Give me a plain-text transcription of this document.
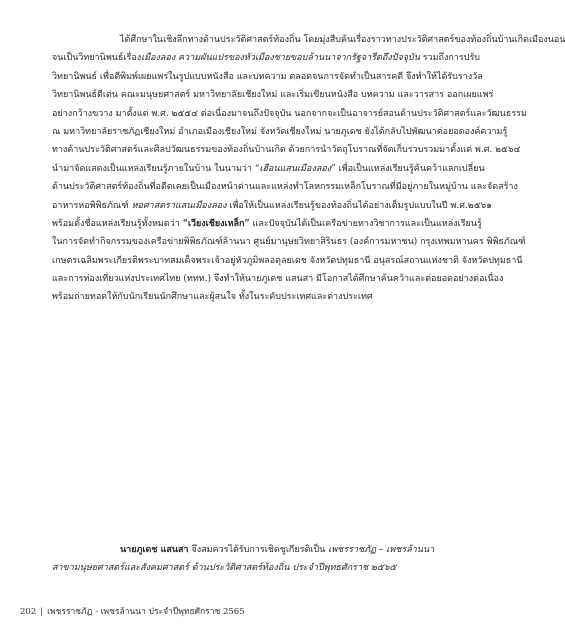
ได้ศึกษาในเชิงลึกทางด้านประวัติศาสตร์ท้องถิ่น โดยมุ่งสืบค้นเรื่องราวทางประวัติศาสตร์ของท้องถิ่นบ้านเกิดเมืองนอน
จนเป็นวิทยานิพนธ์เรื่องเมืองลอง ความผันแปรของหัวเมืองชายขอบล้านนาจากรัฐจารีตถึงปัจจุบัน รวมถึงการปรับ
วิทยานิพนธ์ เพื่อตีพิมพ์เผยแพร่ในรูปแบบหนังสือ และบทความ ตลอดจนการจัดทำเป็นสารคดี จึงทำให้ได้รับรางวัล
วิทยานิพนธ์ดีเด่น คณะมนุษยศาสตร์ มหาวิทยาลัยเชียงใหม่ และเริ่มเขียนหนังสือ บทความ และวารสาร ออกเผยแพร่
อย่างกว้างขวาง มาตั้งแต่ พ.ศ. ๒๕๕๔ ต่อเนื่องมาจนถึงปัจจุบัน นอกจากจะเป็นอาจารย์สอนด้านประวัติศาสตร์และวัฒนธรรม
ณ มหาวิทยาลัยราชภัฏเชียงใหม่ อำเภอเมืองเชียงใหม่ จังหวัดเชียงใหม่ นายภูเดช ยังได้กลับไปพัฒนาต่อยอดองค์ความรู้
ทางด้านประวัติศาสตร์และศิลปวัฒนธรรมของท้องถิ่นบ้านเกิด ด้วยการนำวัตถุโบราณที่จัดเก็บรวบรวมมาตั้งแต่ พ.ศ. ๒๕๖๔
นำมาจัดแสดงเป็นแหล่งเรียนรู้ภายในบ้าน ในนามว่า “เฮือนแสนเมืองลอง” เพื่อเป็นแหล่งเรียนรู้ค้นคว้าแลกเปลี่ยน
ด้านประวัติศาสตร์ท้องถิ่นที่อดีตเคยเป็นเมืองหน้าด่านและแหล่งทำโลหกรรมเหล็กโบราณที่มีอยู่ภายในหมู่บ้าน และจัดสร้าง
อาหารหอพิพิธภัณฑ์ หอศาสตราแสนเมืองลอง เพื่อให้เป็นแหล่งเรียนรู้ของท้องถิ่นได้อย่างเต็มรูปแบบในปี พ.ศ.๒๕๖๑
พร้อมตั้งชื่อแหล่งเรียนรู้ทั้งหมดว่า “เวียงเชียงเหล็ก” และปัจจุบันได้เป็นเครือข่ายทางวิชาการและเป็นแหล่งเรียนรู้
ในการจัดทำกิจกรรมของเครือข่ายพิพิธภัณฑ์ล้านนา ศูนย์มานุษยวิทยาสิรินธร (องค์การมหาชน) กรุงเทพมหานคร พิพิธภัณฑ์
เกษตรเฉลิมพระเกียรติพระบาทสมเด็จพระเจ้าอยู่หัวภูมิพลอดุลยเดช จังหวัดปทุมธานี อนุสรณ์สถานแห่งชาติ จังหวัดปทุมธานี
และการท่องเที่ยวแห่งประเทศไทย (ททท.) จึงทำให้นายภูเดช แสนสา มีโอกาสได้ศึกษาค้นคว้าและต่อยอดอย่างต่อเนื่อง
พร้อมถ่ายทอดให้กับนักเรียนนักศึกษาและผู้สนใจ ทั้งในระดับประเทศและต่างประเทศ
นายภูเดช แสนสา จึงสมควรได้รับการเชิดชูเกียรติเป็น เพชรราชภัฏ – เพชรล้านนา
สาขามนุษยศาสตร์และสังคมศาสตร์ ด้านประวัติศาสตร์ท้องถิ่น ประจำปีพุทธศักราช ๒๕๖๕
202 | เพชรราชภัฏ - เพชรล้านนา ประจำปีพุทธศักราช 2565
